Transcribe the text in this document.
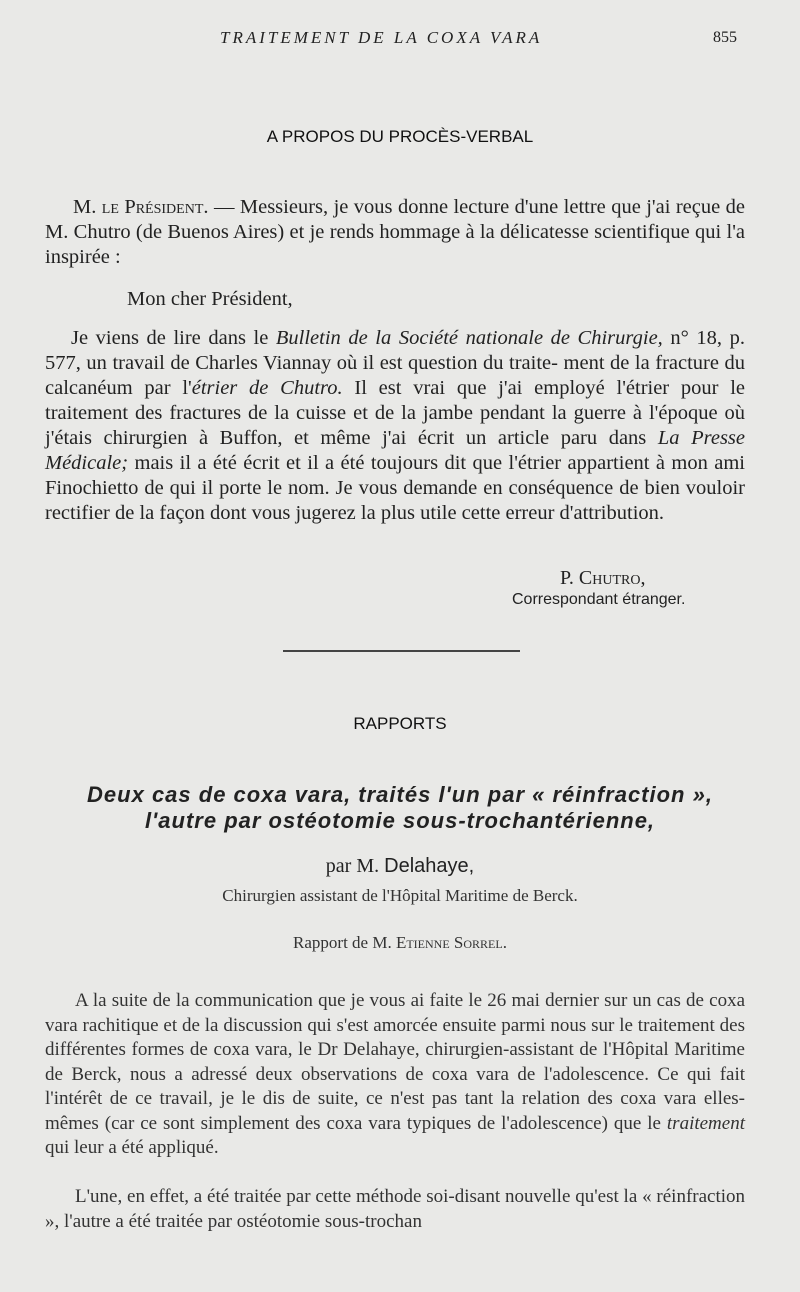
TRAITEMENT DE LA COXA VARA	855
A PROPOS DU PROCÈS-VERBAL

M. le Président. — Messieurs, je vous donne lecture d'une lettre que j'ai reçue de M. Chutro (de Buenos Aires) et je rends hommage à la délicatesse scientifique qui l'a inspirée :

Mon cher Président,

Je viens de lire dans le Bulletin de la Société nationale de Chirurgie, n° 18, p. 577, un travail de Charles Viannay où il est question du traite- ment de la fracture du calcanéum par l'étrier de Chutro. Il est vrai que j'ai employé l'étrier pour le traitement des fractures de la cuisse et de la jambe pendant la guerre à l'époque où j'étais chirurgien à Buffon, et même j'ai écrit un article paru dans La Presse Médicale; mais il a été écrit et il a été toujours dit que l'étrier appartient à mon ami Finochietto de qui il porte le nom. Je vous demande en conséquence de bien vouloir rectifier de la façon dont vous jugerez la plus utile cette erreur d'attribution.

P. Chutro,
Correspondant étranger.
RAPPORTS
Deux cas de coxa vara, traités l'un par « réinfraction »,
l'autre par ostéotomie sous-trochantérienne,
par M. Delahaye,
Chirurgien assistant de l'Hôpital Maritime de Berck.
Rapport de M. Etienne Sorrel.

A la suite de la communication que je vous ai faite le 26 mai dernier sur un cas de coxa vara rachitique et de la discussion qui s'est amorcée ensuite parmi nous sur le traitement des différentes formes de coxa vara, le Dr Delahaye, chirurgien-assistant de l'Hôpital Maritime de Berck, nous a adressé deux observations de coxa vara de l'adolescence. Ce qui fait l'intérêt de ce travail, je le dis de suite, ce n'est pas tant la relation des coxa vara elles-mêmes (car ce sont simplement des coxa vara typiques de l'adolescence) que le traitement qui leur a été appliqué.

L'une, en effet, a été traitée par cette méthode soi-disant nouvelle qu'est la « réinfraction », l'autre a été traitée par ostéotomie sous-trochan
